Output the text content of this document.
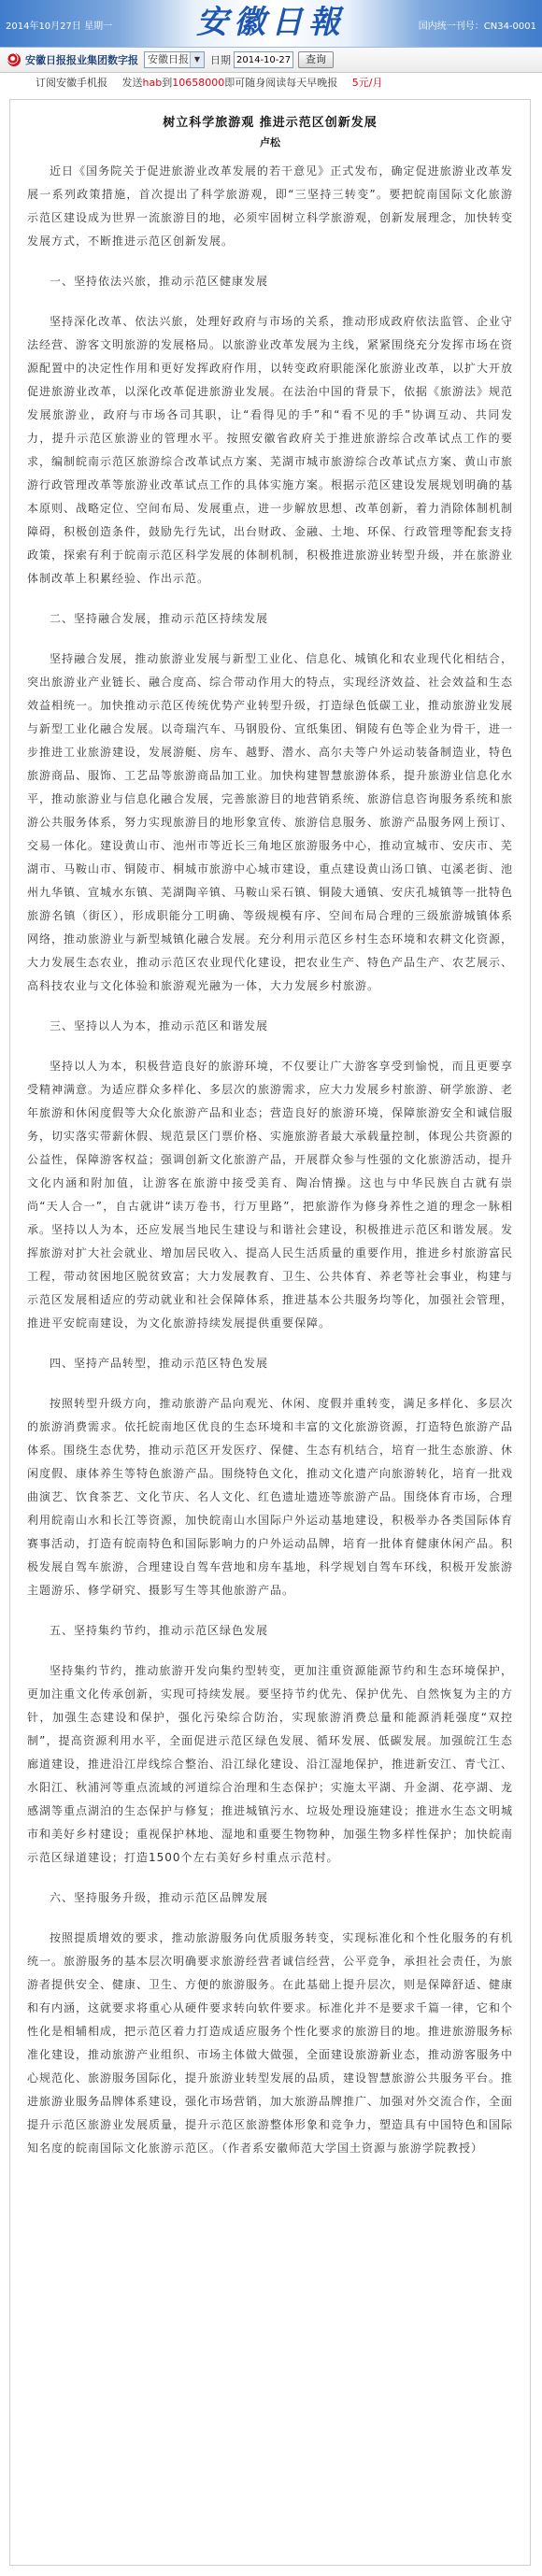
2014年10月27日 星期一	安徽日報	国内统一刊号：CN34-0001
安徽日报报业集团数字报 安徽日报 ▼ 日期
2014-10-27	查询
订阅安徽手机报 发送hab到10658000即可随身阅读每天早晚报 5元/月
树立科学旅游观 推进示范区创新发展
卢松

近日《国务院关于促进旅游业改革发展的若干意见》正式发布，确定促进旅游业改革发展一系列政策措施，首次提出了科学旅游观，即“三坚持三转变”。要把皖南国际文化旅游示范区建设成为世界一流旅游目的地，必须牢固树立科学旅游观，创新发展理念，加快转变发展方式，不断推进示范区创新发展。

一、坚持依法兴旅，推动示范区健康发展

坚持深化改革、依法兴旅，处理好政府与市场的关系，推动形成政府依法监管、企业守法经营、游客文明旅游的发展格局。以旅游业改革发展为主线，紧紧围绕充分发挥市场在资源配置中的决定性作用和更好发挥政府作用，以转变政府职能深化旅游业改革，以扩大开放促进旅游业改革，以深化改革促进旅游业发展。在法治中国的背景下，依据《旅游法》规范发展旅游业，政府与市场各司其职，让“看得见的手”和“看不见的手”协调互动、共同发力，提升示范区旅游业的管理水平。按照安徽省政府关于推进旅游综合改革试点工作的要求，编制皖南示范区旅游综合改革试点方案、芜湖市城市旅游综合改革试点方案、黄山市旅游行政管理改革等旅游业改革试点工作的具体实施方案。根据示范区建设发展规划明确的基本原则、战略定位、空间布局、发展重点，进一步解放思想、改革创新，着力消除体制机制障碍，积极创造条件，鼓励先行先试，出台财政、金融、土地、环保、行政管理等配套支持政策，探索有利于皖南示范区科学发展的体制机制，积极推进旅游业转型升级，并在旅游业体制改革上积累经验、作出示范。

二、坚持融合发展，推动示范区持续发展

坚持融合发展，推动旅游业发展与新型工业化、信息化、城镇化和农业现代化相结合，突出旅游业产业链长、融合度高、综合带动作用大的特点，实现经济效益、社会效益和生态效益相统一。加快推动示范区传统优势产业转型升级，打造绿色低碳工业，推动旅游业发展与新型工业化融合发展。以奇瑞汽车、马钢股份、宣纸集团、铜陵有色等企业为骨干，进一步推进工业旅游建设，发展游艇、房车、越野、潜水、高尔夫等户外运动装备制造业，特色旅游商品、服饰、工艺品等旅游商品加工业。加快构建智慧旅游体系，提升旅游业信息化水平，推动旅游业与信息化融合发展，完善旅游目的地营销系统、旅游信息咨询服务系统和旅游公共服务体系，努力实现旅游目的地形象宣传、旅游信息服务、旅游产品服务网上预订、交易一体化。建设黄山市、池州市等近长三角地区旅游服务中心，推动宣城市、安庆市、芜湖市、马鞍山市、铜陵市、桐城市旅游中心城市建设，重点建设黄山汤口镇、屯溪老街、池州九华镇、宣城水东镇、芜湖陶辛镇、马鞍山采石镇、铜陵大通镇、安庆孔城镇等一批特色旅游名镇（街区），形成职能分工明确、等级规模有序、空间布局合理的三级旅游城镇体系网络，推动旅游业与新型城镇化融合发展。充分利用示范区乡村生态环境和农耕文化资源，大力发展生态农业，推动示范区农业现代化建设，把农业生产、特色产品生产、农艺展示、高科技农业与文化体验和旅游观光融为一体，大力发展乡村旅游。

三、坚持以人为本，推动示范区和谐发展

坚持以人为本，积极营造良好的旅游环境，不仅要让广大游客享受到愉悦，而且更要享受精神满意。为适应群众多样化、多层次的旅游需求，应大力发展乡村旅游、研学旅游、老年旅游和休闲度假等大众化旅游产品和业态；营造良好的旅游环境，保障旅游安全和诚信服务，切实落实带薪休假、规范景区门票价格、实施旅游者最大承载量控制，体现公共资源的公益性，保障游客权益；强调创新文化旅游产品，开展群众参与性强的文化旅游活动，提升文化内涵和附加值，让游客在旅游中接受美育、陶冶情操。这也与中华民族自古就有崇尚“天人合一”，自古就讲“读万卷书，行万里路”，把旅游作为修身养性之道的理念一脉相承。坚持以人为本，还应发展当地民生建设与和谐社会建设，积极推进示范区和谐发展。发挥旅游对扩大社会就业、增加居民收入、提高人民生活质量的重要作用，推进乡村旅游富民工程，带动贫困地区脱贫致富；大力发展教育、卫生、公共体育、养老等社会事业，构建与示范区发展相适应的劳动就业和社会保障体系，推进基本公共服务均等化，加强社会管理，推进平安皖南建设，为文化旅游持续发展提供重要保障。

四、坚持产品转型，推动示范区特色发展

按照转型升级方向，推动旅游产品向观光、休闲、度假并重转变，满足多样化、多层次的旅游消费需求。依托皖南地区优良的生态环境和丰富的文化旅游资源，打造特色旅游产品体系。围绕生态优势，推动示范区开发医疗、保健、生态有机结合，培育一批生态旅游、休闲度假、康体养生等特色旅游产品。围绕特色文化，推动文化遗产向旅游转化，培育一批戏曲演艺、饮食茶艺、文化节庆、名人文化、红色遗址遗迹等旅游产品。围绕体育市场，合理利用皖南山水和长江等资源，加快皖南山水国际户外运动基地建设，积极举办各类国际体育赛事活动，打造有皖南特色和国际影响力的户外运动品牌，培育一批体育健康休闲产品。积极发展自驾车旅游，合理建设自驾车营地和房车基地，科学规划自驾车环线，积极开发旅游主题游乐、修学研究、摄影写生等其他旅游产品。

五、坚持集约节约，推动示范区绿色发展

坚持集约节约，推动旅游开发向集约型转变，更加注重资源能源节约和生态环境保护，更加注重文化传承创新，实现可持续发展。要坚持节约优先、保护优先、自然恢复为主的方针，加强生态建设和保护，强化污染综合防治，实现旅游消费总量和能源消耗强度“双控制”，提高资源利用水平，全面促进示范区绿色发展、循环发展、低碳发展。加强皖江生态廊道建设，推进沿江岸线综合整治、沿江绿化建设、沿江湿地保护，推进新安江、青弋江、水阳江、秋浦河等重点流域的河道综合治理和生态保护；实施太平湖、升金湖、花亭湖、龙感湖等重点湖泊的生态保护与修复；推进城镇污水、垃圾处理设施建设；推进水生态文明城市和美好乡村建设；重视保护林地、湿地和重要生物物种，加强生物多样性保护；加快皖南示范区绿道建设；打造1500个左右美好乡村重点示范村。

六、坚持服务升级，推动示范区品牌发展

按照提质增效的要求，推动旅游服务向优质服务转变，实现标准化和个性化服务的有机统一。旅游服务的基本层次明确要求旅游经营者诚信经营，公平竞争，承担社会责任，为旅游者提供安全、健康、卫生、方便的旅游服务。在此基础上提升层次，则是保障舒适、健康和有内涵，这就要求将重心从硬件要求转向软件要求。标准化并不是要求千篇一律，它和个性化是相辅相成，把示范区着力打造成适应服务个性化要求的旅游目的地。推进旅游服务标准化建设，推动旅游产业组织、市场主体做大做强，全面建设旅游新业态，推动游客服务中心规范化、旅游服务国际化，提升旅游业转型发展的品质，建设智慧旅游公共服务平台。推进旅游业服务品牌体系建设，强化市场营销，加大旅游品牌推广、加强对外交流合作，全面提升示范区旅游业发展质量，提升示范区旅游整体形象和竞争力，塑造具有中国特色和国际知名度的皖南国际文化旅游示范区。（作者系安徽师范大学国土资源与旅游学院教授）
